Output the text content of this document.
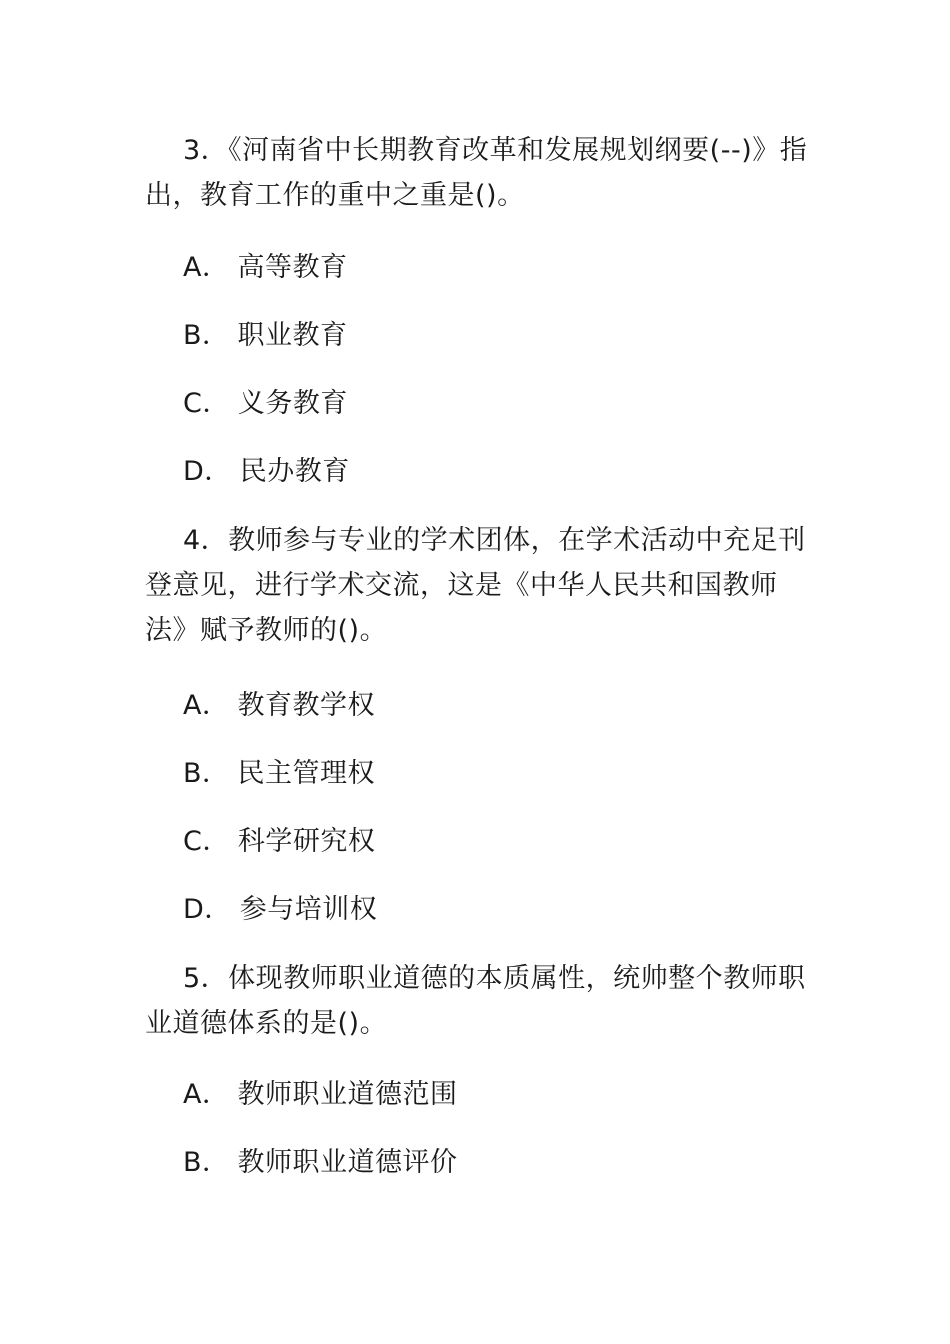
3．《河南省中长期教育改革和发展规划纲要(--)》指出，教育工作的重中之重是()。

A． 高等教育

B． 职业教育

C． 义务教育

D． 民办教育

4．教师参与专业的学术团体，在学术活动中充足刊登意见，进行学术交流，这是《中华人民共和国教师法》赋予教师的()。

A． 教育教学权

B． 民主管理权

C． 科学研究权

D． 参与培训权

5．体现教师职业道德的本质属性，统帅整个教师职业道德体系的是()。

A． 教师职业道德范围

B． 教师职业道德评价
